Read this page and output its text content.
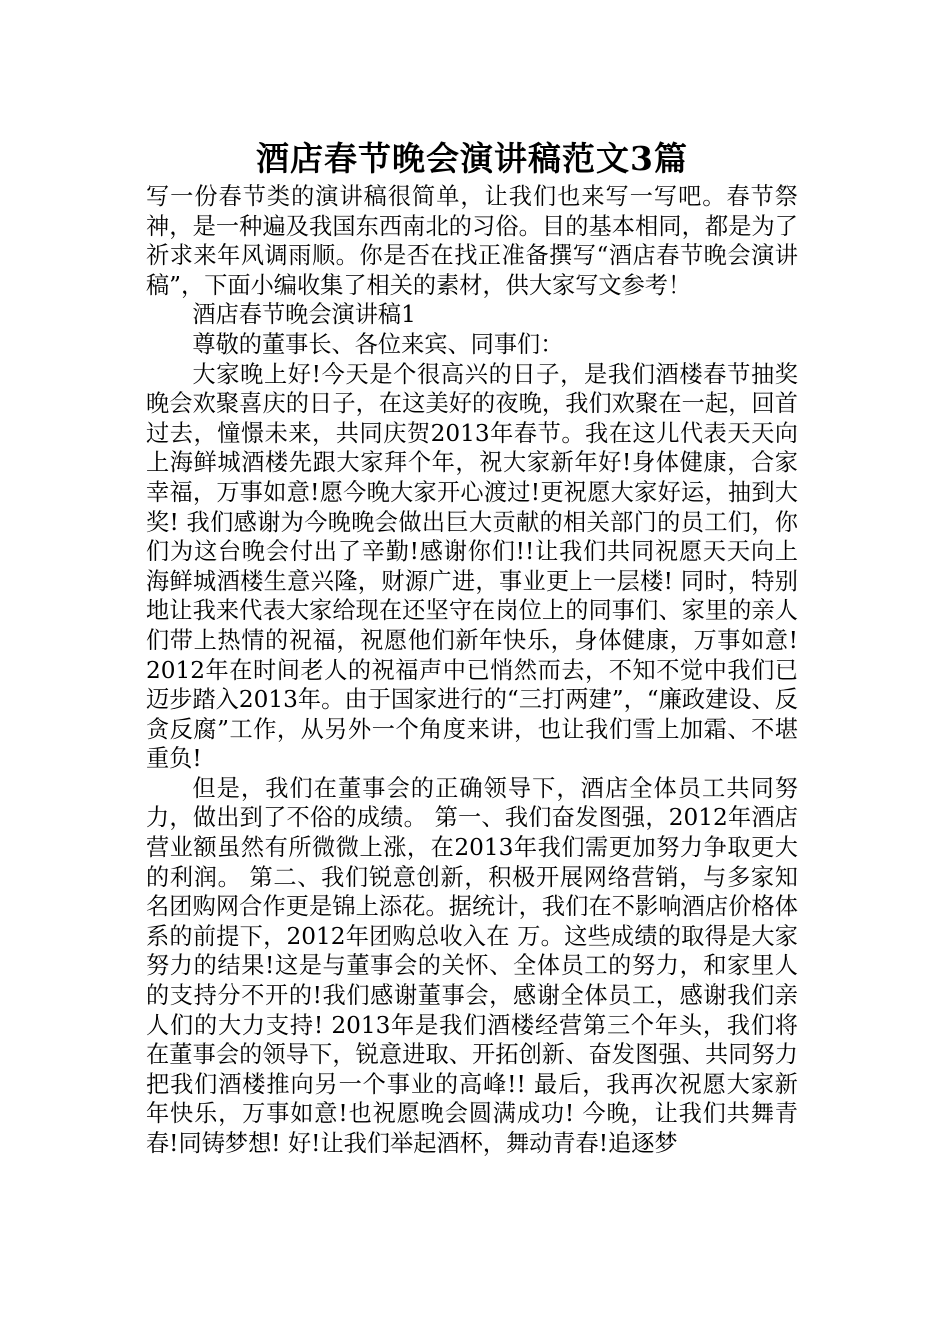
酒店春节晚会演讲稿范文3篇

写一份春节类的演讲稿很简单，让我们也来写一写吧。春节祭神，是一种遍及我国东西南北的习俗。目的基本相同，都是为了祈求来年风调雨顺。你是否在找正准备撰写“酒店春节晚会演讲稿”，下面小编收集了相关的素材，供大家写文参考！

酒店春节晚会演讲稿1

尊敬的董事长、各位来宾、同事们：

大家晚上好!今天是个很高兴的日子，是我们酒楼春节抽奖晚会欢聚喜庆的日子，在这美好的夜晚，我们欢聚在一起，回首过去，憧憬未来，共同庆贺2013年春节。我在这儿代表天天向上海鲜城酒楼先跟大家拜个年，祝大家新年好!身体健康，合家幸福，万事如意!愿今晚大家开心渡过!更祝愿大家好运，抽到大奖! 我们感谢为今晚晚会做出巨大贡献的相关部门的员工们，你们为这台晚会付出了辛勤!感谢你们!!让我们共同祝愿天天向上海鲜城酒楼生意兴隆，财源广进，事业更上一层楼! 同时，特别地让我来代表大家给现在还坚守在岗位上的同事们、家里的亲人们带上热情的祝福，祝愿他们新年快乐，身体健康，万事如意! 2012年在时间老人的祝福声中已悄然而去，不知不觉中我们已迈步踏入2013年。由于国家进行的“三打两建”，“廉政建设、反贪反腐”工作，从另外一个角度来讲，也让我们雪上加霜、不堪重负!

但是，我们在董事会的正确领导下，酒店全体员工共同努力，做出到了不俗的成绩。 第一、我们奋发图强，2012年酒店营业额虽然有所微微上涨，在2013年我们需更加努力争取更大的利润。 第二、我们锐意创新，积极开展网络营销，与多家知名团购网合作更是锦上添花。据统计，我们在不影响酒店价格体系的前提下，2012年团购总收入在 万。这些成绩的取得是大家努力的结果!这是与董事会的关怀、全体员工的努力，和家里人的支持分不开的!我们感谢董事会，感谢全体员工，感谢我们亲人们的大力支持! 2013年是我们酒楼经营第三个年头，我们将在董事会的领导下，锐意进取、开拓创新、奋发图强、共同努力把我们酒楼推向另一个事业的高峰!! 最后，我再次祝愿大家新年快乐，万事如意!也祝愿晚会圆满成功! 今晚，让我们共舞青春!同铸梦想! 好!让我们举起酒杯，舞动青春!追逐梦
